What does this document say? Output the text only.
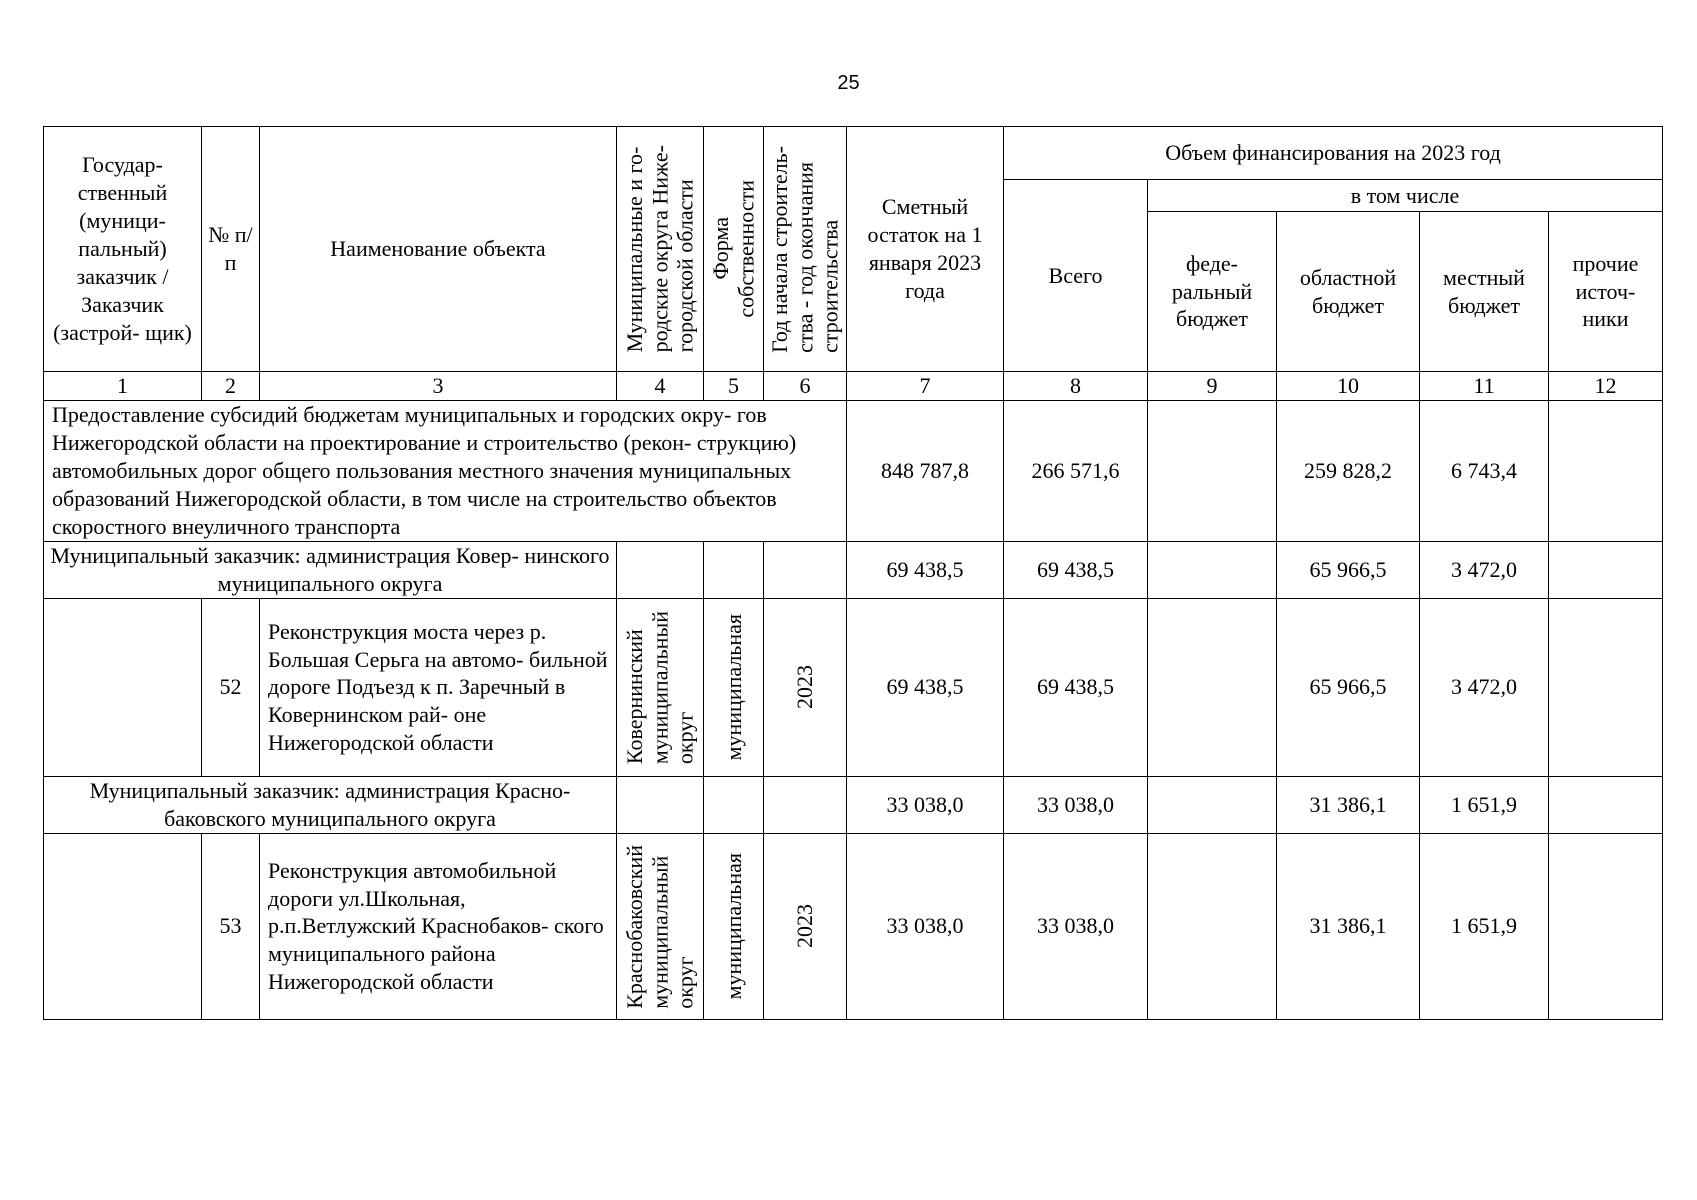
25
Государ- ственный (муници- пальный) заказчик / Заказчик (застрой- щик)	№ п/п	Наименование объекта	Муниципальные и го-
родские округа Ниже-
городской области	Форма
собственности	Год начала строитель-
ства - год окончания
строительства	Сметный остаток на 1 января 2023 года	Объем финансирования на 2023 год				
							Всего	в том числе			
								феде- ральный бюджет	областной бюджет	местный бюджет	прочие источ- ники
1	2	3	4	5	6	7	8	9	10	11	12
Предоставление субсидий бюджетам муниципальных и городских окру- гов Нижегородской области на проектирование и строительство (рекон- струкцию) автомобильных дорог общего пользования местного значения муниципальных образований Нижегородской области, в том числе на строительство объектов скоростного внеуличного транспорта						848 787,8	266 571,6		259 828,2	6 743,4	
Муниципальный заказчик: администрация Ковер- нинского муниципального округа						69 438,5	69 438,5		65 966,5	3 472,0	
	52	Реконструкция моста через р. Большая Серьга на автомо- бильной дороге Подъезд к п. Заречный в Ковернинском рай- оне Нижегородской области	Ковернинский
муниципальный
округ	муниципальная	2023	69 438,5	69 438,5		65 966,5	3 472,0	
Муниципальный заказчик: администрация Красно- баковского муниципального округа						33 038,0	33 038,0		31 386,1	1 651,9	
	53	Реконструкция автомобильной дороги ул.Школьная, р.п.Ветлужский Краснобаков- ского муниципального района Нижегородской области	Краснобаковский
муниципальный
округ	муниципальная	2023	33 038,0	33 038,0		31 386,1	1 651,9	
